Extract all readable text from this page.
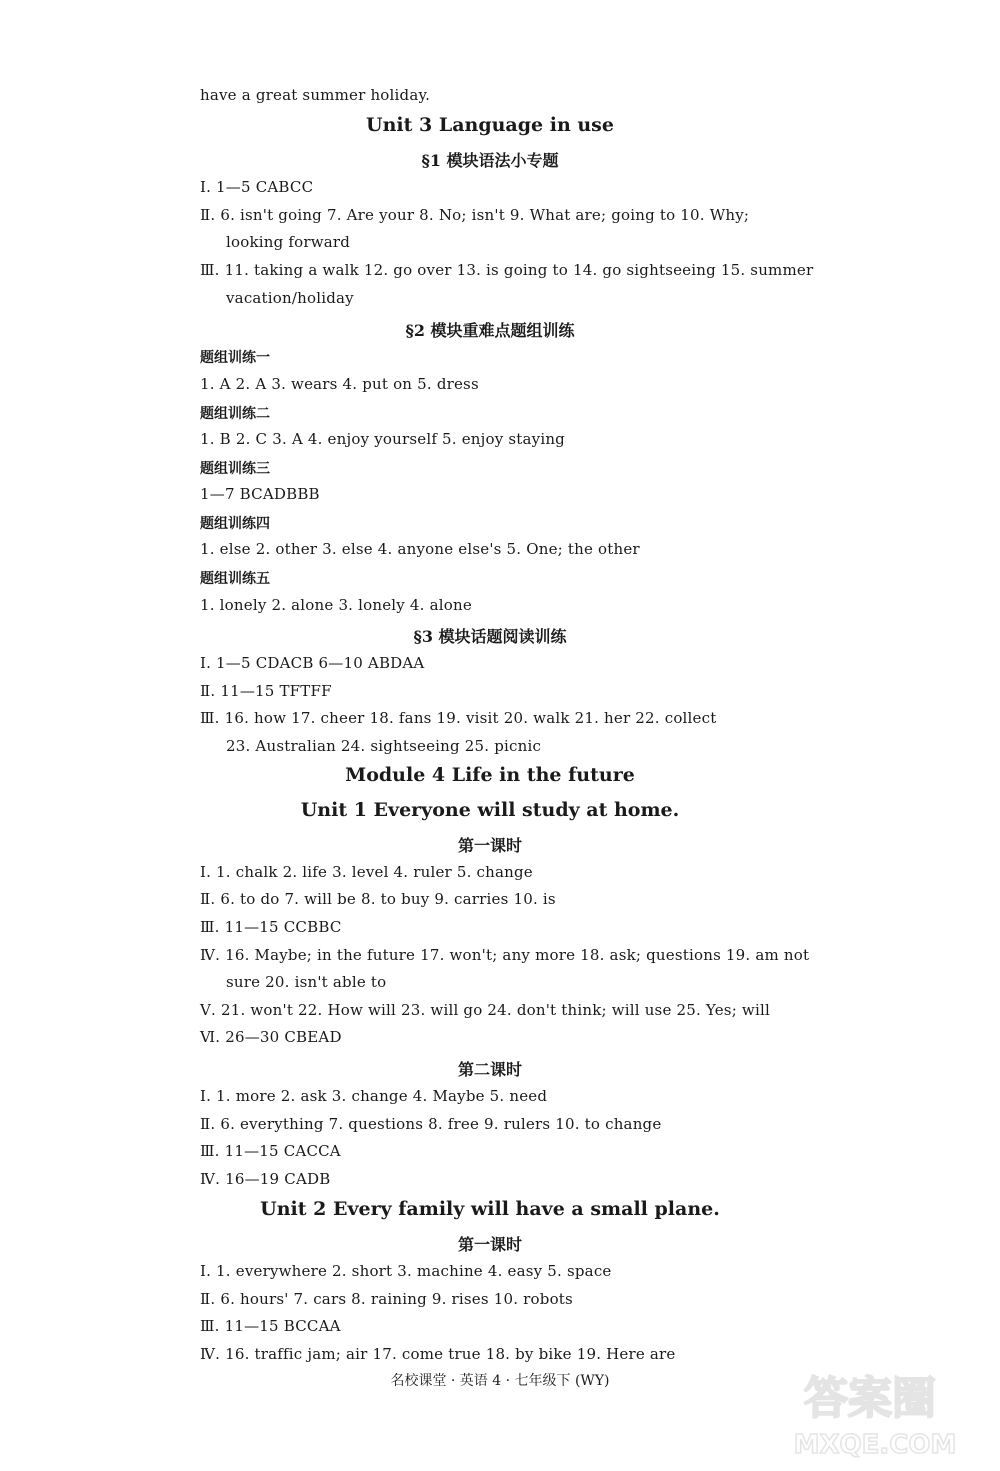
have a great summer holiday.
Unit 3 Language in use
§1 模块语法小专题
Ⅰ. 1—5 CABCC
Ⅱ. 6. isn't going 7. Are your 8. No; isn't 9. What are; going to 10. Why;
looking forward
Ⅲ. 11. taking a walk 12. go over 13. is going to 14. go sightseeing 15. summer
vacation/holiday
§2 模块重难点题组训练
题组训练一
1. A 2. A 3. wears 4. put on 5. dress
题组训练二
1. B 2. C 3. A 4. enjoy yourself 5. enjoy staying
题组训练三
1—7 BCADBBB
题组训练四
1. else 2. other 3. else 4. anyone else's 5. One; the other
题组训练五
1. lonely 2. alone 3. lonely 4. alone
§3 模块话题阅读训练
Ⅰ. 1—5 CDACB 6—10 ABDAA
Ⅱ. 11—15 TFTFF
Ⅲ. 16. how 17. cheer 18. fans 19. visit 20. walk 21. her 22. collect
23. Australian 24. sightseeing 25. picnic
Module 4 Life in the future
Unit 1 Everyone will study at home.
第一课时
Ⅰ. 1. chalk 2. life 3. level 4. ruler 5. change
Ⅱ. 6. to do 7. will be 8. to buy 9. carries 10. is
Ⅲ. 11—15 CCBBC
Ⅳ. 16. Maybe; in the future 17. won't; any more 18. ask; questions 19. am not
sure 20. isn't able to
Ⅴ. 21. won't 22. How will 23. will go 24. don't think; will use 25. Yes; will
Ⅵ. 26—30 CBEAD
第二课时
Ⅰ. 1. more 2. ask 3. change 4. Maybe 5. need
Ⅱ. 6. everything 7. questions 8. free 9. rulers 10. to change
Ⅲ. 11—15 CACCA
Ⅳ. 16—19 CADB
Unit 2 Every family will have a small plane.
第一课时
Ⅰ. 1. everywhere 2. short 3. machine 4. easy 5. space
Ⅱ. 6. hours' 7. cars 8. raining 9. rises 10. robots
Ⅲ. 11—15 BCCAA
Ⅳ. 16. traffic jam; air 17. come true 18. by bike 19. Here are
名校课堂 · 英语 4 · 七年级下 (WY)	答案圈
MXQE.COM
